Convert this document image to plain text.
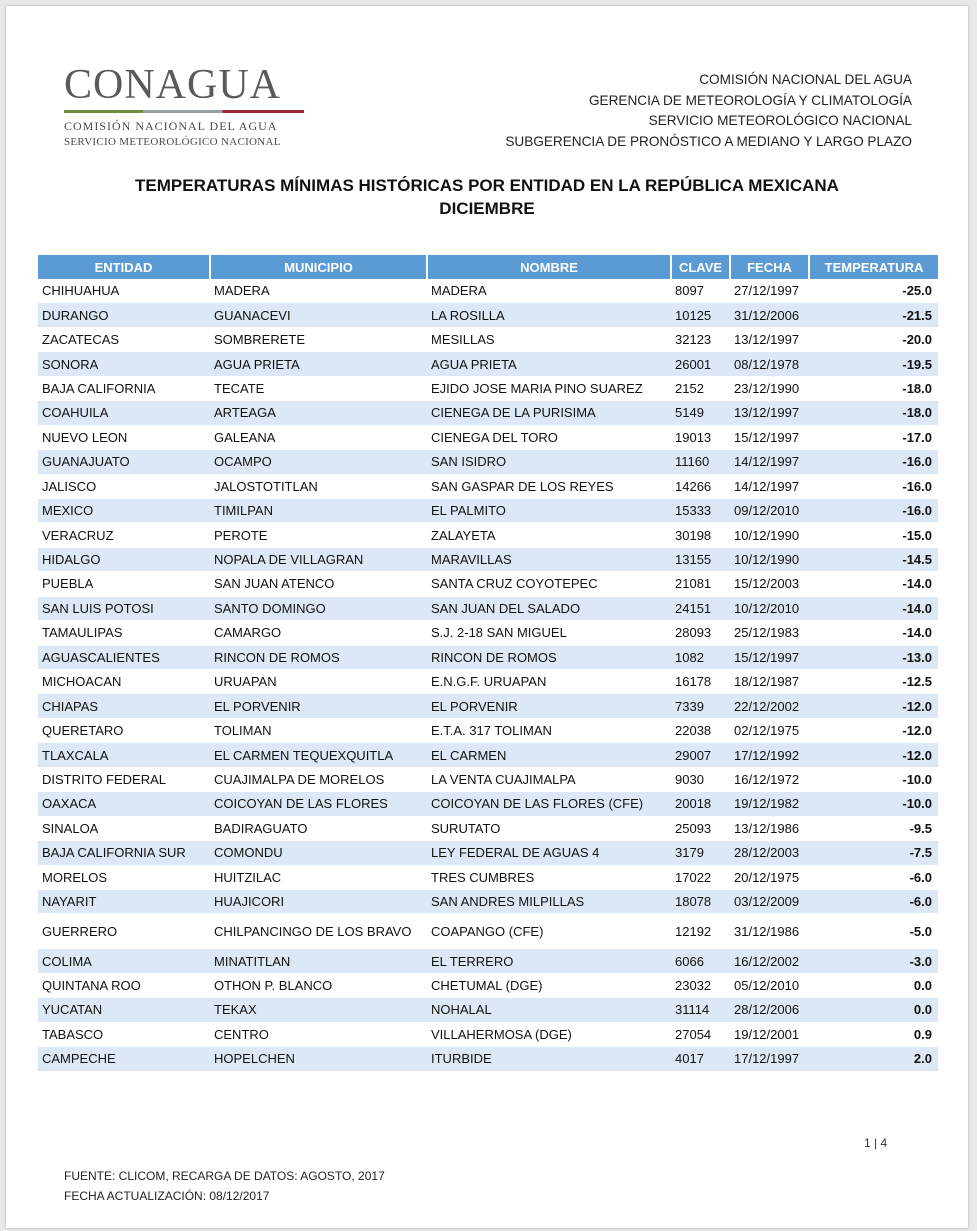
CONAGUA
COMISIÓN NACIONAL DEL AGUA
SERVICIO METEOROLÓGICO NACIONAL
COMISIÓN NACIONAL DEL AGUA
GERENCIA DE METEOROLOGÍA Y CLIMATOLOGÍA
SERVICIO METEOROLÓGICO NACIONAL
SUBGERENCIA DE PRONÓSTICO A MEDIANO Y LARGO PLAZO
TEMPERATURAS MÍNIMAS HISTÓRICAS POR ENTIDAD EN LA REPÚBLICA MEXICANA
DICIEMBRE
ENTIDAD	MUNICIPIO	NOMBRE	CLAVE	FECHA	TEMPERATURA
CHIHUAHUA	MADERA	MADERA	8097	27/12/1997	-25.0
DURANGO	GUANACEVI	LA ROSILLA	10125	31/12/2006	-21.5
ZACATECAS	SOMBRERETE	MESILLAS	32123	13/12/1997	-20.0
SONORA	AGUA PRIETA	AGUA PRIETA	26001	08/12/1978	-19.5
BAJA CALIFORNIA	TECATE	EJIDO JOSE MARIA PINO SUAREZ	2152	23/12/1990	-18.0
COAHUILA	ARTEAGA	CIENEGA DE LA PURISIMA	5149	13/12/1997	-18.0
NUEVO LEON	GALEANA	CIENEGA DEL TORO	19013	15/12/1997	-17.0
GUANAJUATO	OCAMPO	SAN ISIDRO	11160	14/12/1997	-16.0
JALISCO	JALOSTOTITLAN	SAN GASPAR DE LOS REYES	14266	14/12/1997	-16.0
MEXICO	TIMILPAN	EL PALMITO	15333	09/12/2010	-16.0
VERACRUZ	PEROTE	ZALAYETA	30198	10/12/1990	-15.0
HIDALGO	NOPALA DE VILLAGRAN	MARAVILLAS	13155	10/12/1990	-14.5
PUEBLA	SAN JUAN ATENCO	SANTA CRUZ COYOTEPEC	21081	15/12/2003	-14.0
SAN LUIS POTOSI	SANTO DOMINGO	SAN JUAN DEL SALADO	24151	10/12/2010	-14.0
TAMAULIPAS	CAMARGO	S.J. 2-18 SAN MIGUEL	28093	25/12/1983	-14.0
AGUASCALIENTES	RINCON DE ROMOS	RINCON DE ROMOS	1082	15/12/1997	-13.0
MICHOACAN	URUAPAN	E.N.G.F. URUAPAN	16178	18/12/1987	-12.5
CHIAPAS	EL PORVENIR	EL PORVENIR	7339	22/12/2002	-12.0
QUERETARO	TOLIMAN	E.T.A. 317 TOLIMAN	22038	02/12/1975	-12.0
TLAXCALA	EL CARMEN TEQUEXQUITLA	EL CARMEN	29007	17/12/1992	-12.0
DISTRITO FEDERAL	CUAJIMALPA DE MORELOS	LA VENTA CUAJIMALPA	9030	16/12/1972	-10.0
OAXACA	COICOYAN DE LAS FLORES	COICOYAN DE LAS FLORES (CFE)	20018	19/12/1982	-10.0
SINALOA	BADIRAGUATO	SURUTATO	25093	13/12/1986	-9.5
BAJA CALIFORNIA SUR	COMONDU	LEY FEDERAL DE AGUAS 4	3179	28/12/2003	-7.5
MORELOS	HUITZILAC	TRES CUMBRES	17022	20/12/1975	-6.0
NAYARIT	HUAJICORI	SAN ANDRES MILPILLAS	18078	03/12/2009	-6.0
GUERRERO	CHILPANCINGO DE LOS BRAVO	COAPANGO (CFE)	12192	31/12/1986	-5.0
COLIMA	MINATITLAN	EL TERRERO	6066	16/12/2002	-3.0
QUINTANA ROO	OTHON P. BLANCO	CHETUMAL (DGE)	23032	05/12/2010	0.0
YUCATAN	TEKAX	NOHALAL	31114	28/12/2006	0.0
TABASCO	CENTRO	VILLAHERMOSA (DGE)	27054	19/12/2001	0.9
CAMPECHE	HOPELCHEN	ITURBIDE	4017	17/12/1997	2.0
1 | 4
FUENTE: CLICOM, RECARGA DE DATOS: AGOSTO, 2017
FECHA ACTUALIZACIÓN: 08/12/2017
